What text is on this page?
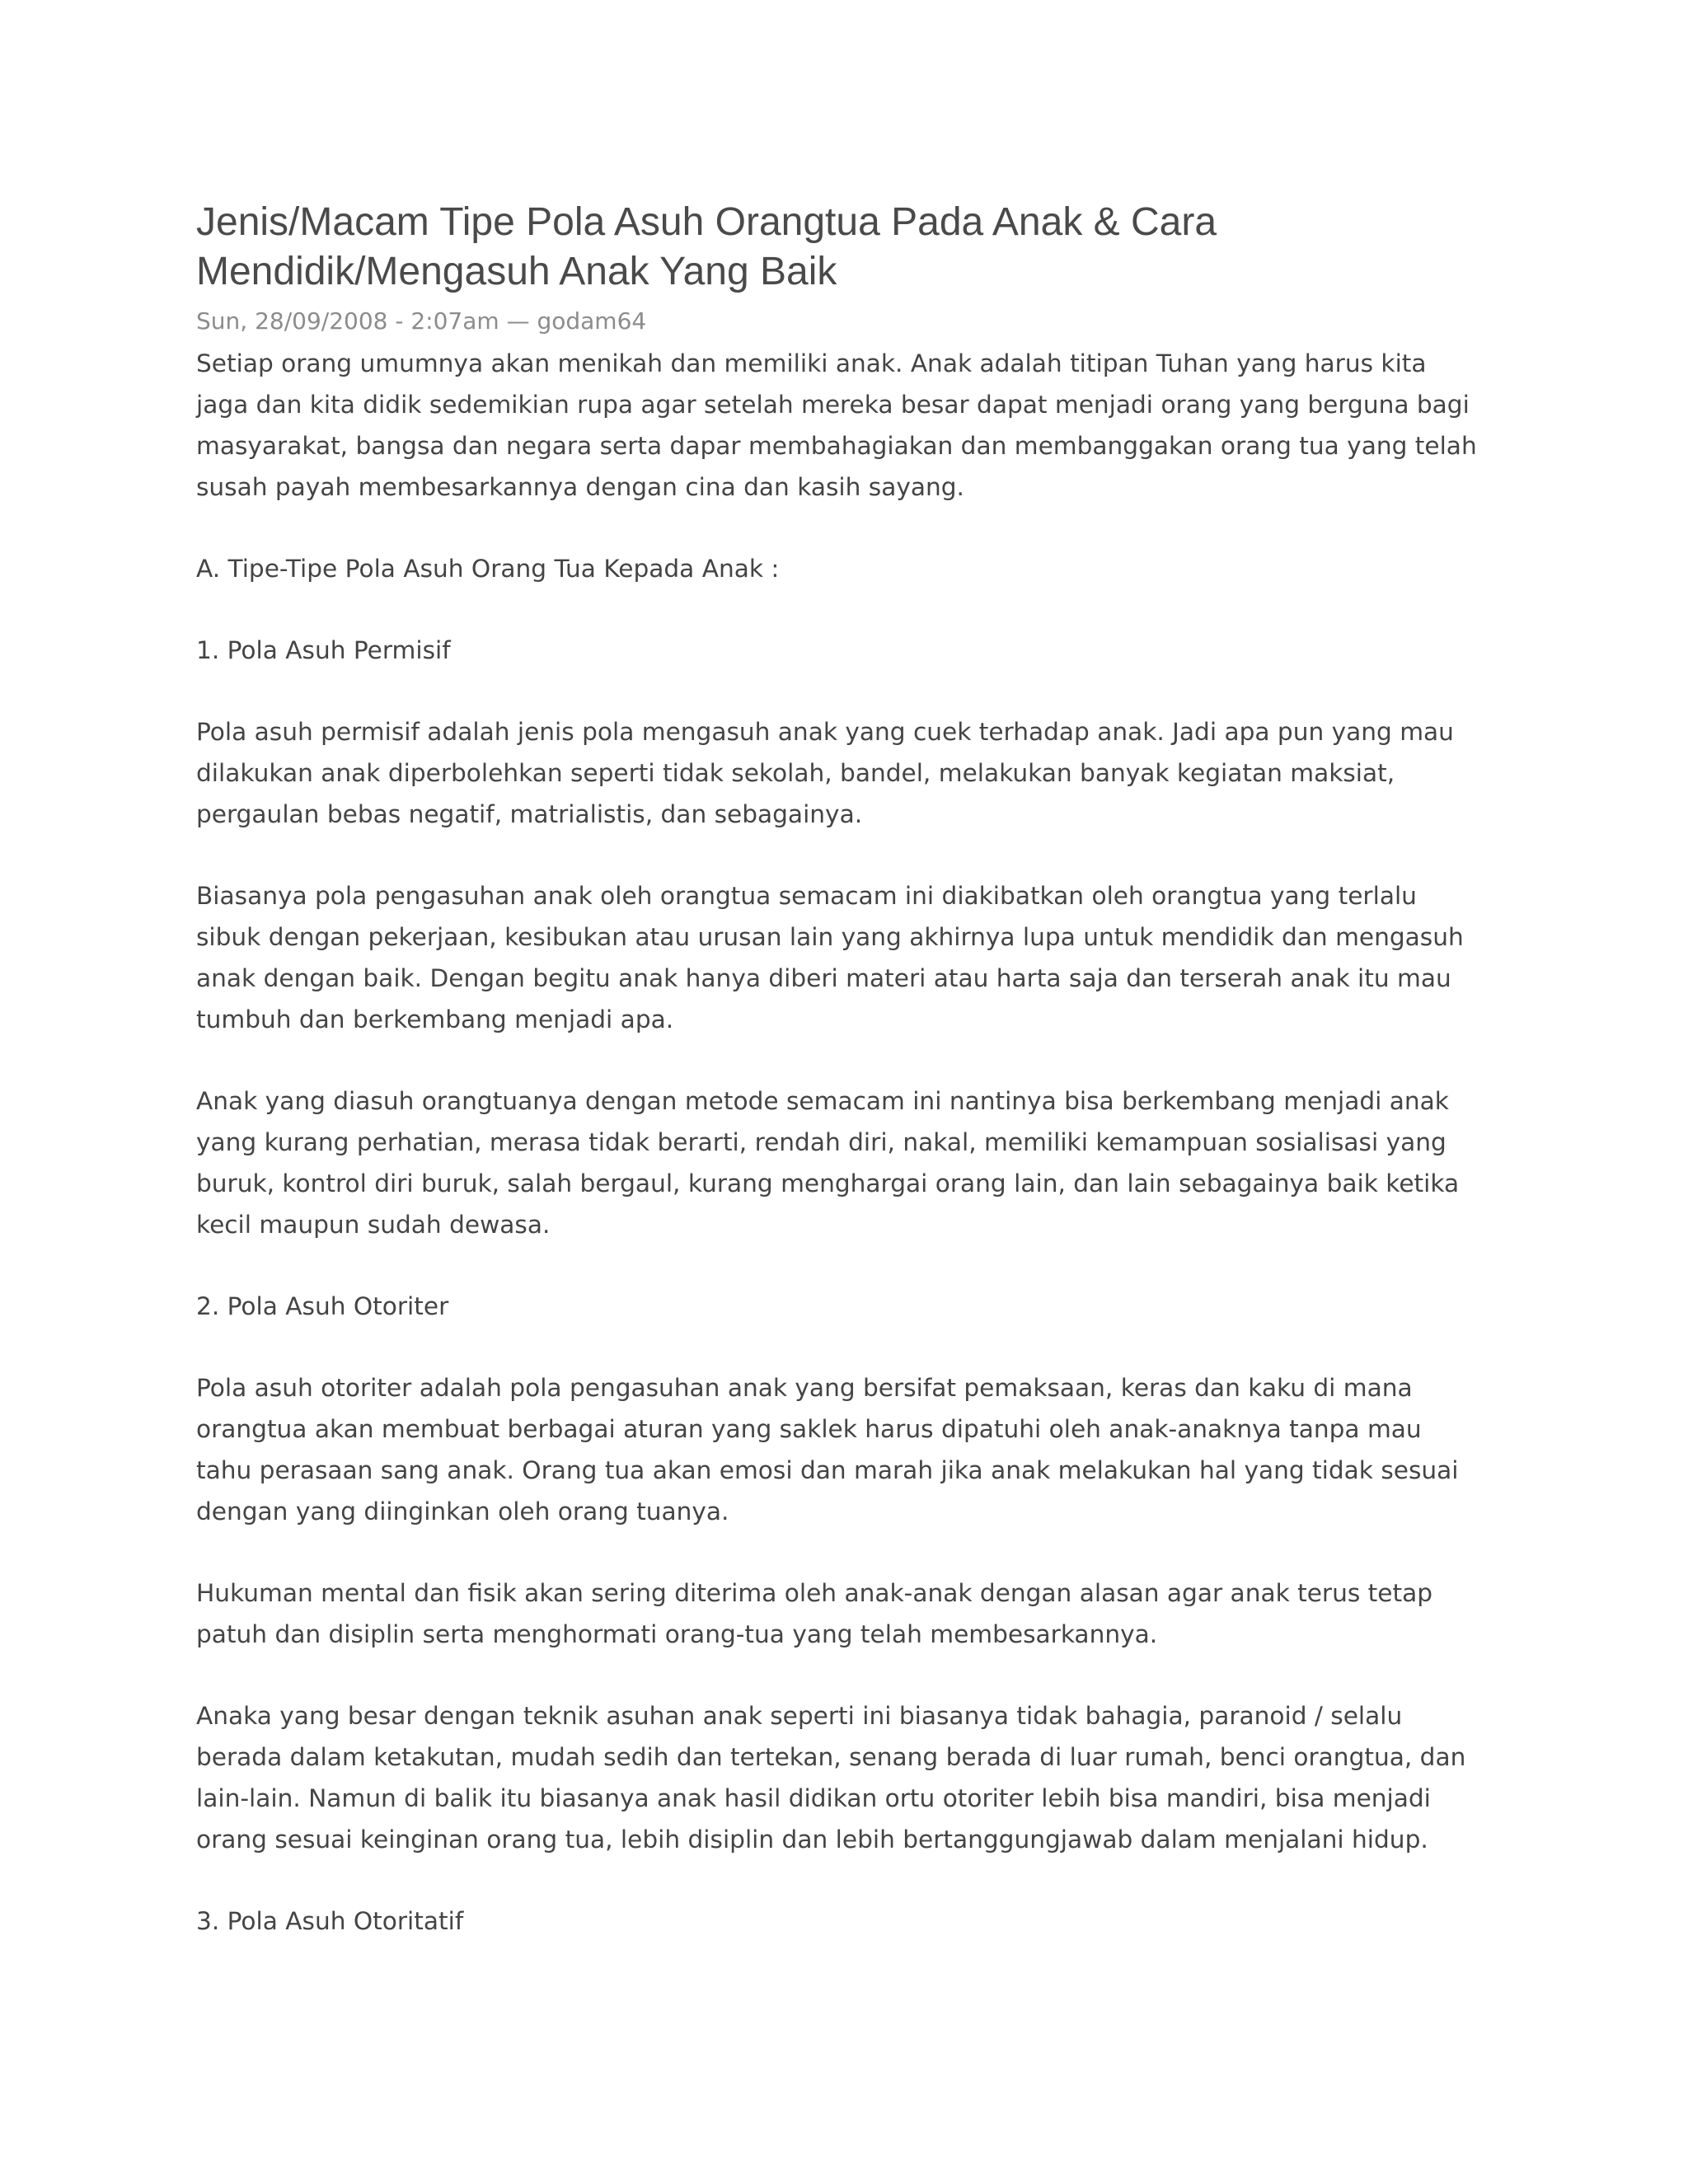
Jenis/Macam Tipe Pola Asuh Orangtua Pada Anak & Cara Mendidik/Mengasuh Anak Yang Baik
Sun, 28/09/2008 - 2:07am — godam64

Setiap orang umumnya akan menikah dan memiliki anak. Anak adalah titipan Tuhan yang harus kita jaga dan kita didik sedemikian rupa agar setelah mereka besar dapat menjadi orang yang berguna bagi masyarakat, bangsa dan negara serta dapar membahagiakan dan membanggakan orang tua yang telah susah payah membesarkannya dengan cina dan kasih sayang.

A. Tipe-Tipe Pola Asuh Orang Tua Kepada Anak :

1. Pola Asuh Permisif

Pola asuh permisif adalah jenis pola mengasuh anak yang cuek terhadap anak. Jadi apa pun yang mau dilakukan anak diperbolehkan seperti tidak sekolah, bandel, melakukan banyak kegiatan maksiat, pergaulan bebas negatif, matrialistis, dan sebagainya.

Biasanya pola pengasuhan anak oleh orangtua semacam ini diakibatkan oleh orangtua yang terlalu sibuk dengan pekerjaan, kesibukan atau urusan lain yang akhirnya lupa untuk mendidik dan mengasuh anak dengan baik. Dengan begitu anak hanya diberi materi atau harta saja dan terserah anak itu mau tumbuh dan berkembang menjadi apa.

Anak yang diasuh orangtuanya dengan metode semacam ini nantinya bisa berkembang menjadi anak yang kurang perhatian, merasa tidak berarti, rendah diri, nakal, memiliki kemampuan sosialisasi yang buruk, kontrol diri buruk, salah bergaul, kurang menghargai orang lain, dan lain sebagainya baik ketika kecil maupun sudah dewasa.

2. Pola Asuh Otoriter

Pola asuh otoriter adalah pola pengasuhan anak yang bersifat pemaksaan, keras dan kaku di mana orangtua akan membuat berbagai aturan yang saklek harus dipatuhi oleh anak-anaknya tanpa mau tahu perasaan sang anak. Orang tua akan emosi dan marah jika anak melakukan hal yang tidak sesuai dengan yang diinginkan oleh orang tuanya.

Hukuman mental dan fisik akan sering diterima oleh anak-anak dengan alasan agar anak terus tetap patuh dan disiplin serta menghormati orang-tua yang telah membesarkannya.

Anaka yang besar dengan teknik asuhan anak seperti ini biasanya tidak bahagia, paranoid / selalu berada dalam ketakutan, mudah sedih dan tertekan, senang berada di luar rumah, benci orangtua, dan lain-lain. Namun di balik itu biasanya anak hasil didikan ortu otoriter lebih bisa mandiri, bisa menjadi orang sesuai keinginan orang tua, lebih disiplin dan lebih bertanggungjawab dalam menjalani hidup.

3. Pola Asuh Otoritatif
